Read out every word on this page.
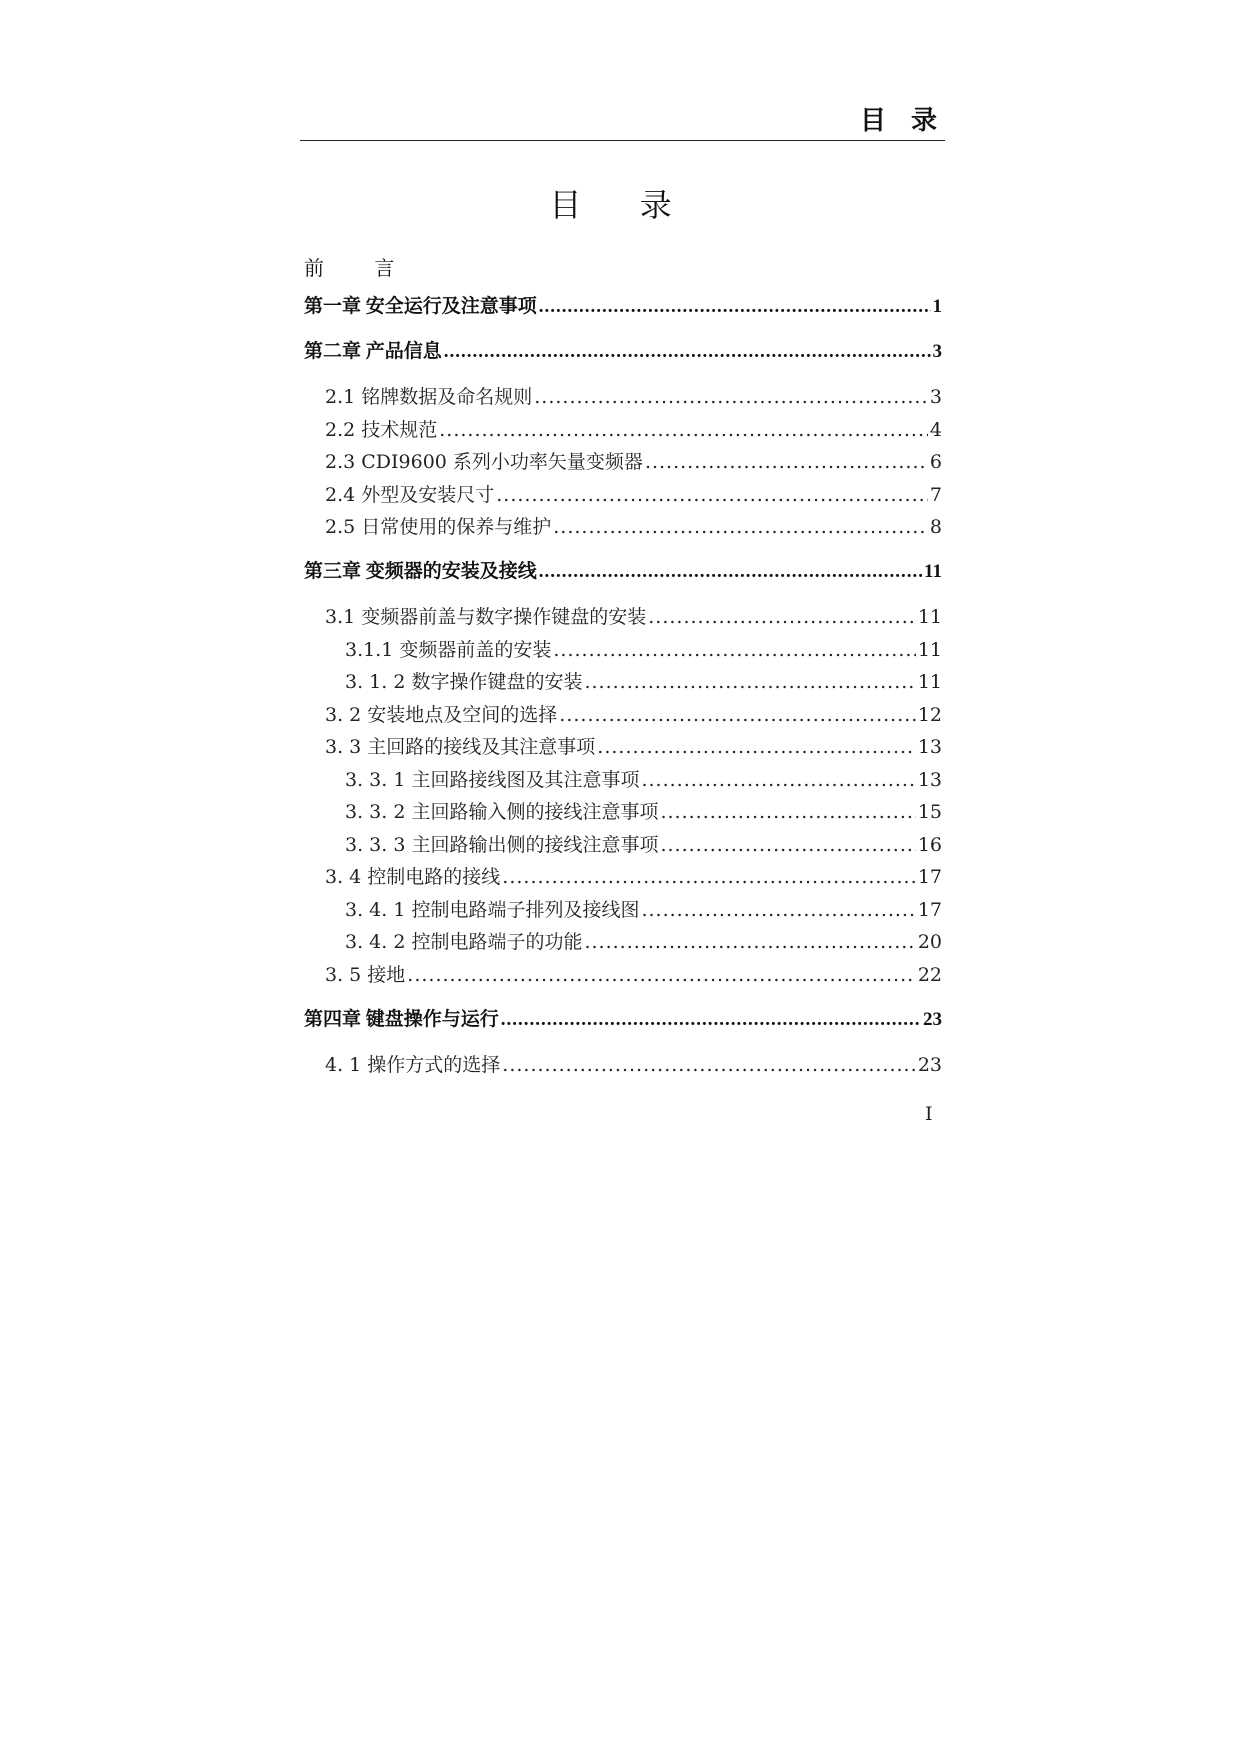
目 录
目 录
前 言
第一章 安全运行及注意事项 .....	1
第二章 产品信息 .....	3
2.1 铭牌数据及命名规则 .....	3
2.2 技术规范 .....	4
2.3 CDI9600 系列小功率矢量变频器 .....	6
2.4 外型及安装尺寸 .....	7
2.5 日常使用的保养与维护 .....	8
第三章 变频器的安装及接线 .....	11
3.1 变频器前盖与数字操作键盘的安装 .....	11
3.1.1 变频器前盖的安装 .....	11
3. 1. 2 数字操作键盘的安装 .....	11
3. 2 安装地点及空间的选择 .....	12
3. 3 主回路的接线及其注意事项 .....	13
3. 3. 1 主回路接线图及其注意事项 .....	13
3. 3. 2 主回路输入侧的接线注意事项 .....	15
3. 3. 3 主回路输出侧的接线注意事项 .....	16
3. 4 控制电路的接线 .....	17
3. 4. 1 控制电路端子排列及接线图 .....	17
3. 4. 2 控制电路端子的功能 .....	20
3. 5 接地 .....	22
第四章 键盘操作与运行 .....	23
4. 1 操作方式的选择 .....	23
I
